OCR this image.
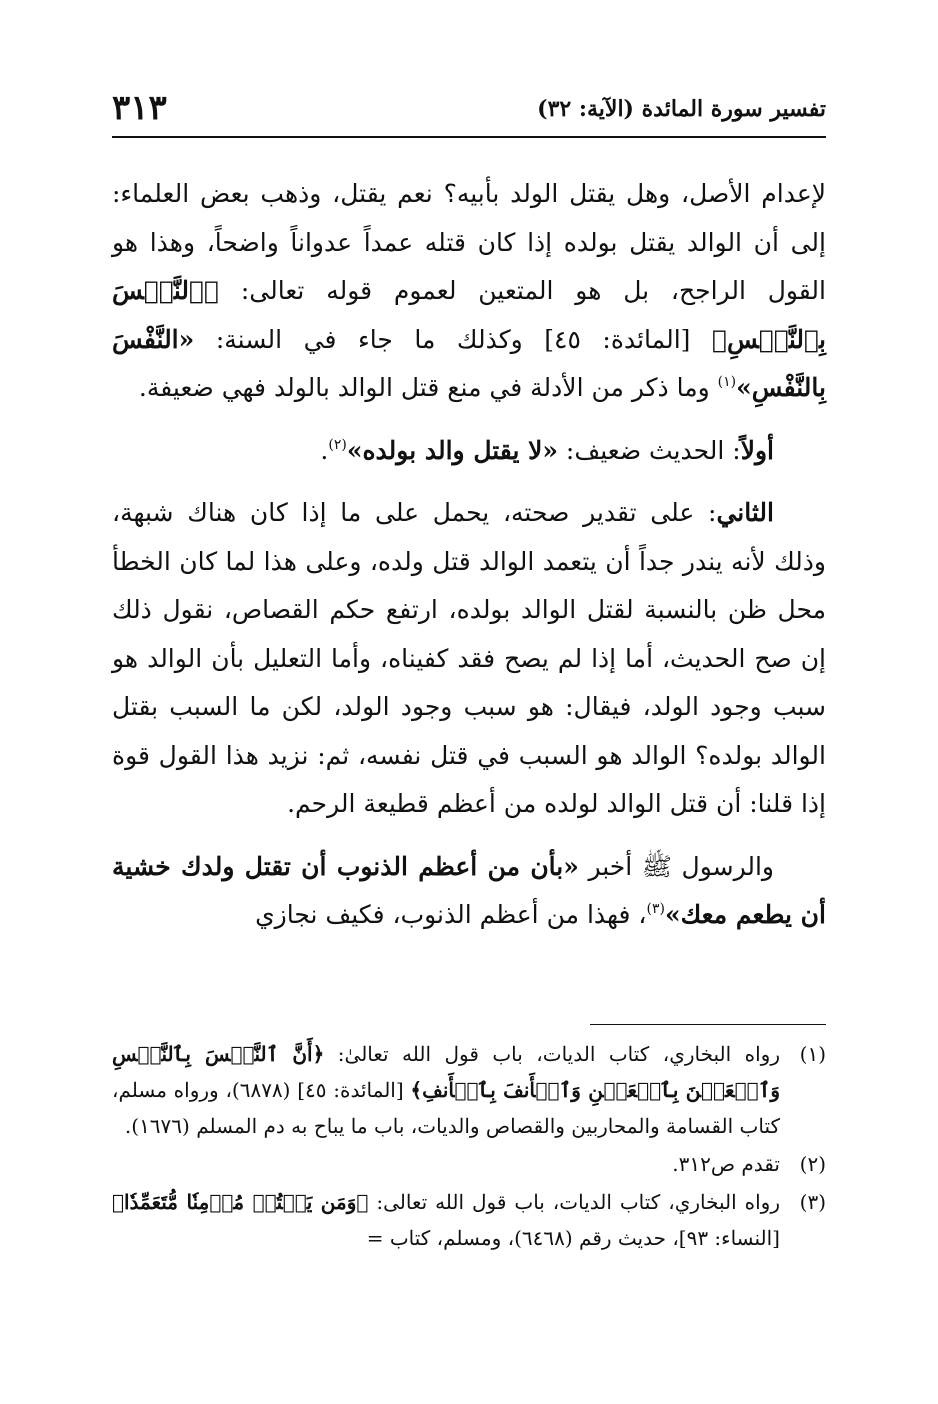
تفسير سورة المائدة (الآية: ٣٢)
٣١٣

لإعدام الأصل، وهل يقتل الولد بأبيه؟ نعم يقتل، وذهب بعض العلماء: إلى أن الوالد يقتل بولده إذا كان قتله عمداً عدواناً واضحاً، وهذا هو القول الراجح، بل هو المتعين لعموم قوله تعالى: ﴿ٱلنَّفۡسَ بِٱلنَّفۡسِ﴾ [المائدة: ٤٥] وكذلك ما جاء في السنة: «النَّفْسَ بِالنَّفْسِ»$^{(١)}$ وما ذكر من الأدلة في منع قتل الوالد بالولد فهي ضعيفة.

أولاً: الحديث ضعيف: «لا يقتل والد بولده»$^{(٢)}$.

الثاني: على تقدير صحته، يحمل على ما إذا كان هناك شبهة، وذلك لأنه يندر جداً أن يتعمد الوالد قتل ولده، وعلى هذا لما كان الخطأ محل ظن بالنسبة لقتل الوالد بولده، ارتفع حكم القصاص، نقول ذلك إن صح الحديث، أما إذا لم يصح فقد كفيناه، وأما التعليل بأن الوالد هو سبب وجود الولد، فيقال: هو سبب وجود الولد، لكن ما السبب بقتل الوالد بولده؟ الوالد هو السبب في قتل نفسه، ثم: نزيد هذا القول قوة إذا قلنا: أن قتل الوالد لولده من أعظم قطيعة الرحم.

والرسول ﷺ أخبر «بأن من أعظم الذنوب أن تقتل ولدك خشية أن يطعم معك»$^{(٣)}$، فهذا من أعظم الذنوب، فكيف نجازي

(١)
رواه البخاري، كتاب الديات، باب قول الله تعالىٰ: ﴿أَنَّ ٱلنَّفۡسَ بِٱلنَّفۡسِ وَٱلۡعَيۡنَ بِٱلۡعَيۡنِ وَٱلۡأَنفَ بِٱلۡأَنفِ﴾ [المائدة: ٤٥] (٦٨٧٨)، ورواه مسلم، كتاب القسامة والمحاربين والقصاص والديات، باب ما يباح به دم المسلم (١٦٧٦).
(٢)
تقدم ص٣١٢.
(٣)
رواه البخاري، كتاب الديات، باب قول الله تعالى: ﴿وَمَن يَقۡتُلۡ مُؤۡمِنٗا مُّتَعَمِّدٗا﴾ [النساء: ٩٣]، حديث رقم (٦٤٦٨)، ومسلم، كتاب =
